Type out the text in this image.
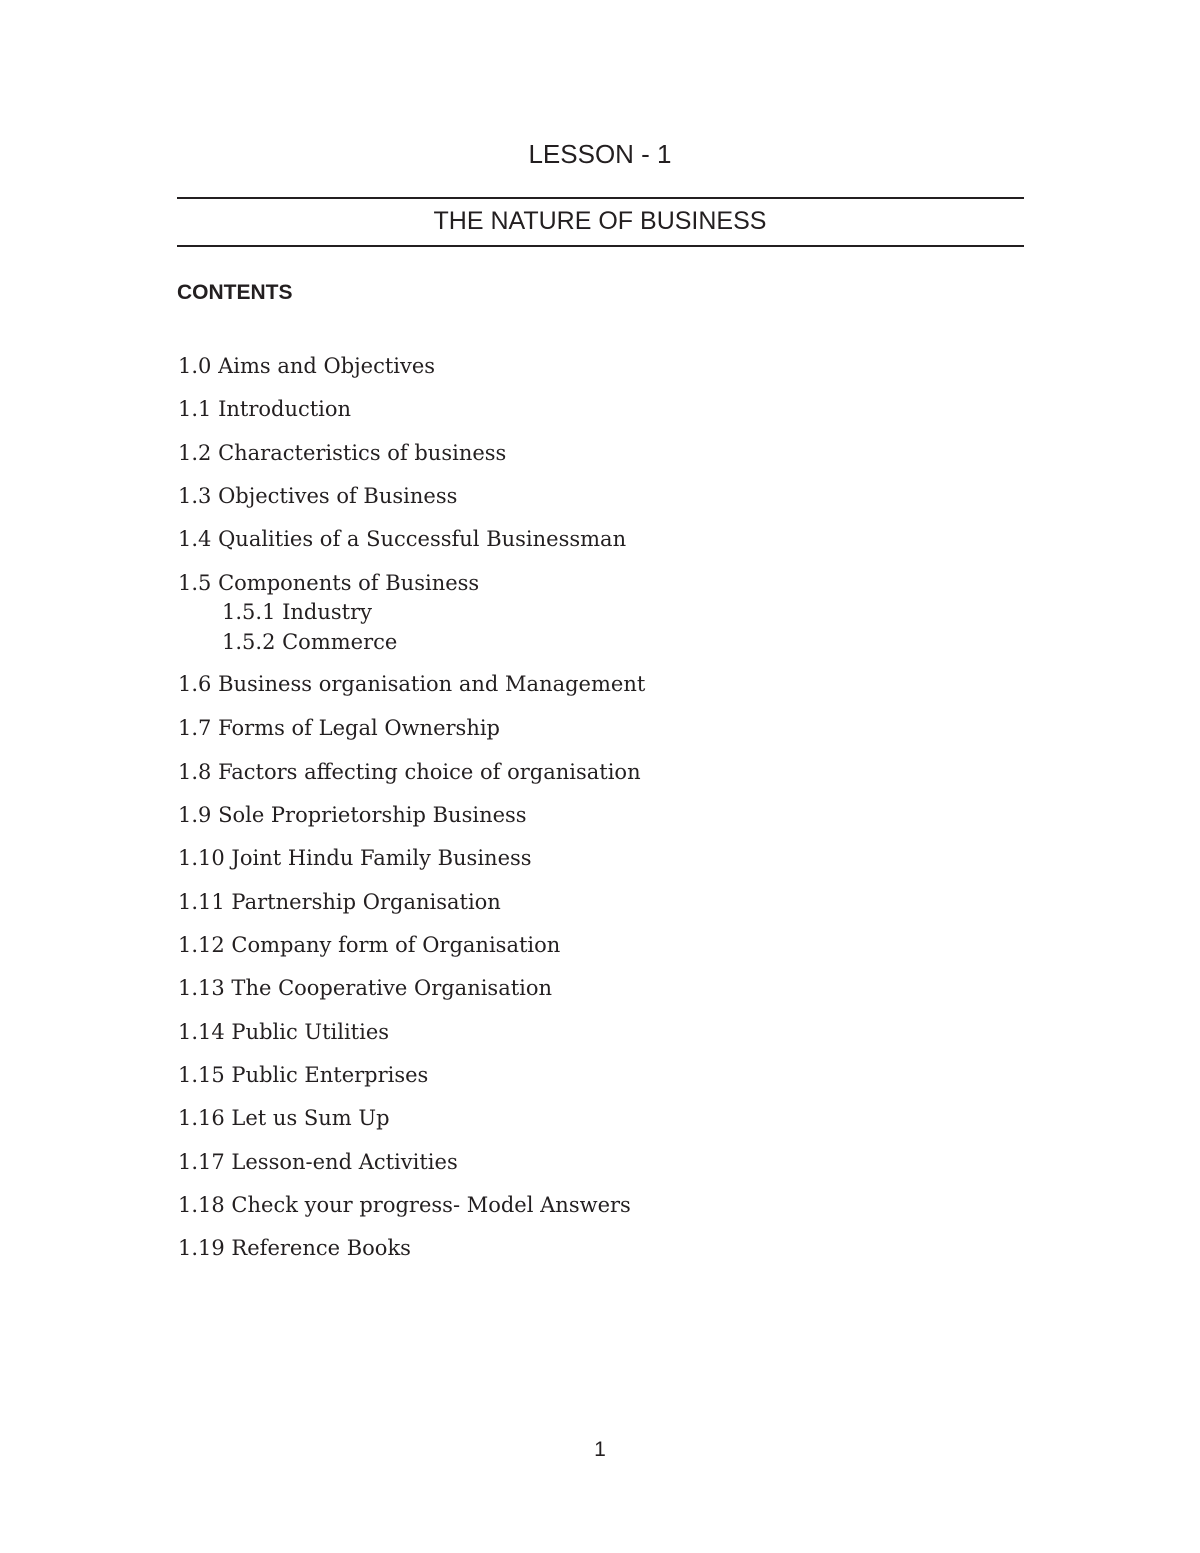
LESSON - 1
THE NATURE OF BUSINESS
CONTENTS
1.0 Aims and Objectives
1.1 Introduction
1.2 Characteristics of business
1.3 Objectives of Business
1.4 Qualities of a Successful Businessman
1.5 Components of Business
1.5.1 Industry
1.5.2 Commerce
1.6 Business organisation and Management
1.7 Forms of Legal Ownership
1.8 Factors affecting choice of organisation
1.9 Sole Proprietorship Business
1.10 Joint Hindu Family Business
1.11 Partnership Organisation
1.12 Company form of Organisation
1.13 The Cooperative Organisation
1.14 Public Utilities
1.15 Public Enterprises
1.16 Let us Sum Up
1.17 Lesson-end Activities
1.18 Check your progress- Model Answers
1.19 Reference Books
1
